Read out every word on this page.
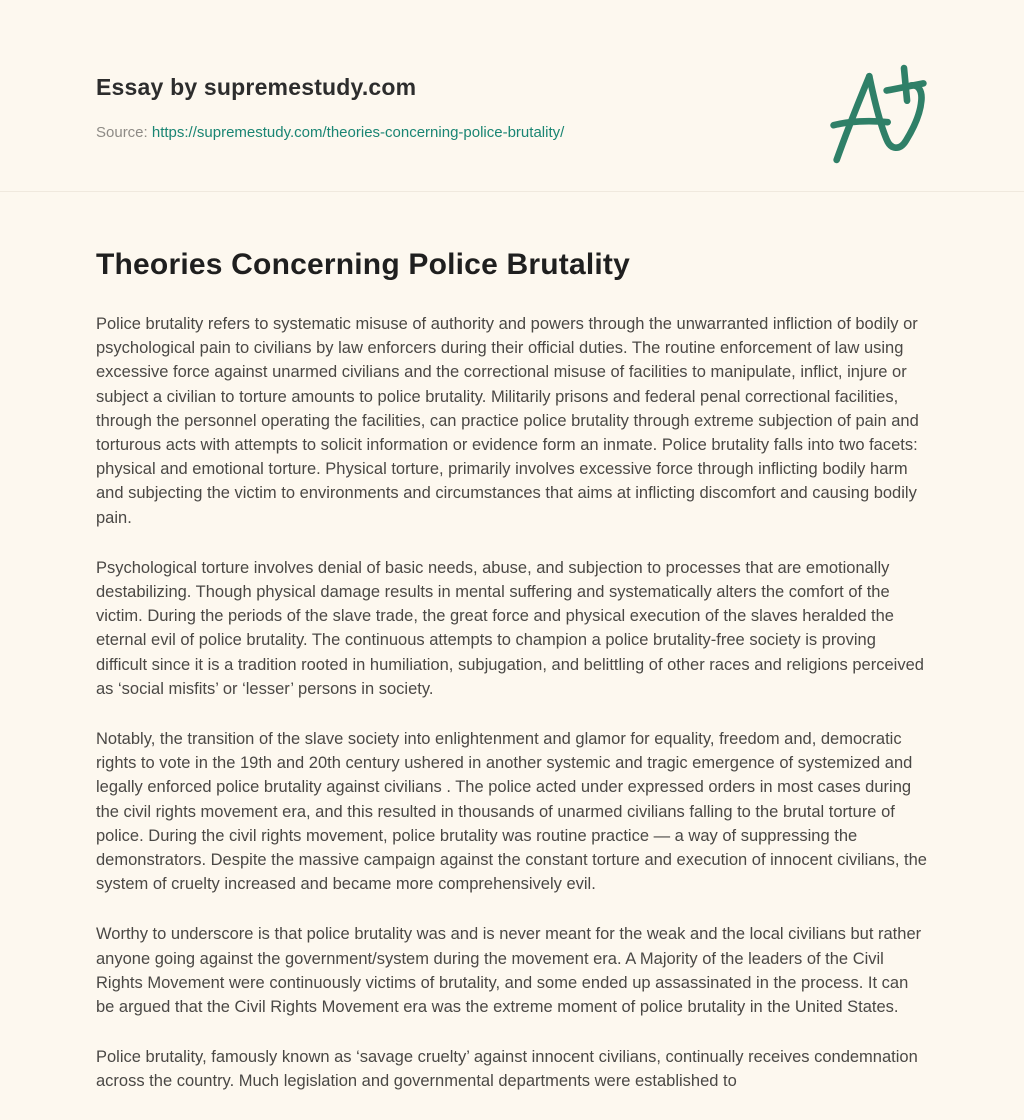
Essay by supremestudy.com
Source: https://supremestudy.com/theories-concerning-police-brutality/
Theories Concerning Police Brutality

Police brutality refers to systematic misuse of authority and powers through the unwarranted infliction of bodily or psychological pain to civilians by law enforcers during their official duties. The routine enforcement of law using excessive force against unarmed civilians and the correctional misuse of facilities to manipulate, inflict, injure or subject a civilian to torture amounts to police brutality. Militarily prisons and federal penal correctional facilities, through the personnel operating the facilities, can practice police brutality through extreme subjection of pain and torturous acts with attempts to solicit information or evidence form an inmate. Police brutality falls into two facets: physical and emotional torture. Physical torture, primarily involves excessive force through inflicting bodily harm and subjecting the victim to environments and circumstances that aims at inflicting discomfort and causing bodily pain.

Psychological torture involves denial of basic needs, abuse, and subjection to processes that are emotionally destabilizing. Though physical damage results in mental suffering and systematically alters the comfort of the victim. During the periods of the slave trade, the great force and physical execution of the slaves heralded the eternal evil of police brutality. The continuous attempts to champion a police brutality-free society is proving difficult since it is a tradition rooted in humiliation, subjugation, and belittling of other races and religions perceived as ‘social misfits’ or ‘lesser’ persons in society.

Notably, the transition of the slave society into enlightenment and glamor for equality, freedom and, democratic rights to vote in the 19th and 20th century ushered in another systemic and tragic emergence of systemized and legally enforced police brutality against civilians . The police acted under expressed orders in most cases during the civil rights movement era, and this resulted in thousands of unarmed civilians falling to the brutal torture of police. During the civil rights movement, police brutality was routine practice — a way of suppressing the demonstrators. Despite the massive campaign against the constant torture and execution of innocent civilians, the system of cruelty increased and became more comprehensively evil.

Worthy to underscore is that police brutality was and is never meant for the weak and the local civilians but rather anyone going against the government/system during the movement era. A Majority of the leaders of the Civil Rights Movement were continuously victims of brutality, and some ended up assassinated in the process. It can be argued that the Civil Rights Movement era was the extreme moment of police brutality in the United States.

Police brutality, famously known as ‘savage cruelty’ against innocent civilians, continually receives condemnation across the country. Much legislation and governmental departments were established to
